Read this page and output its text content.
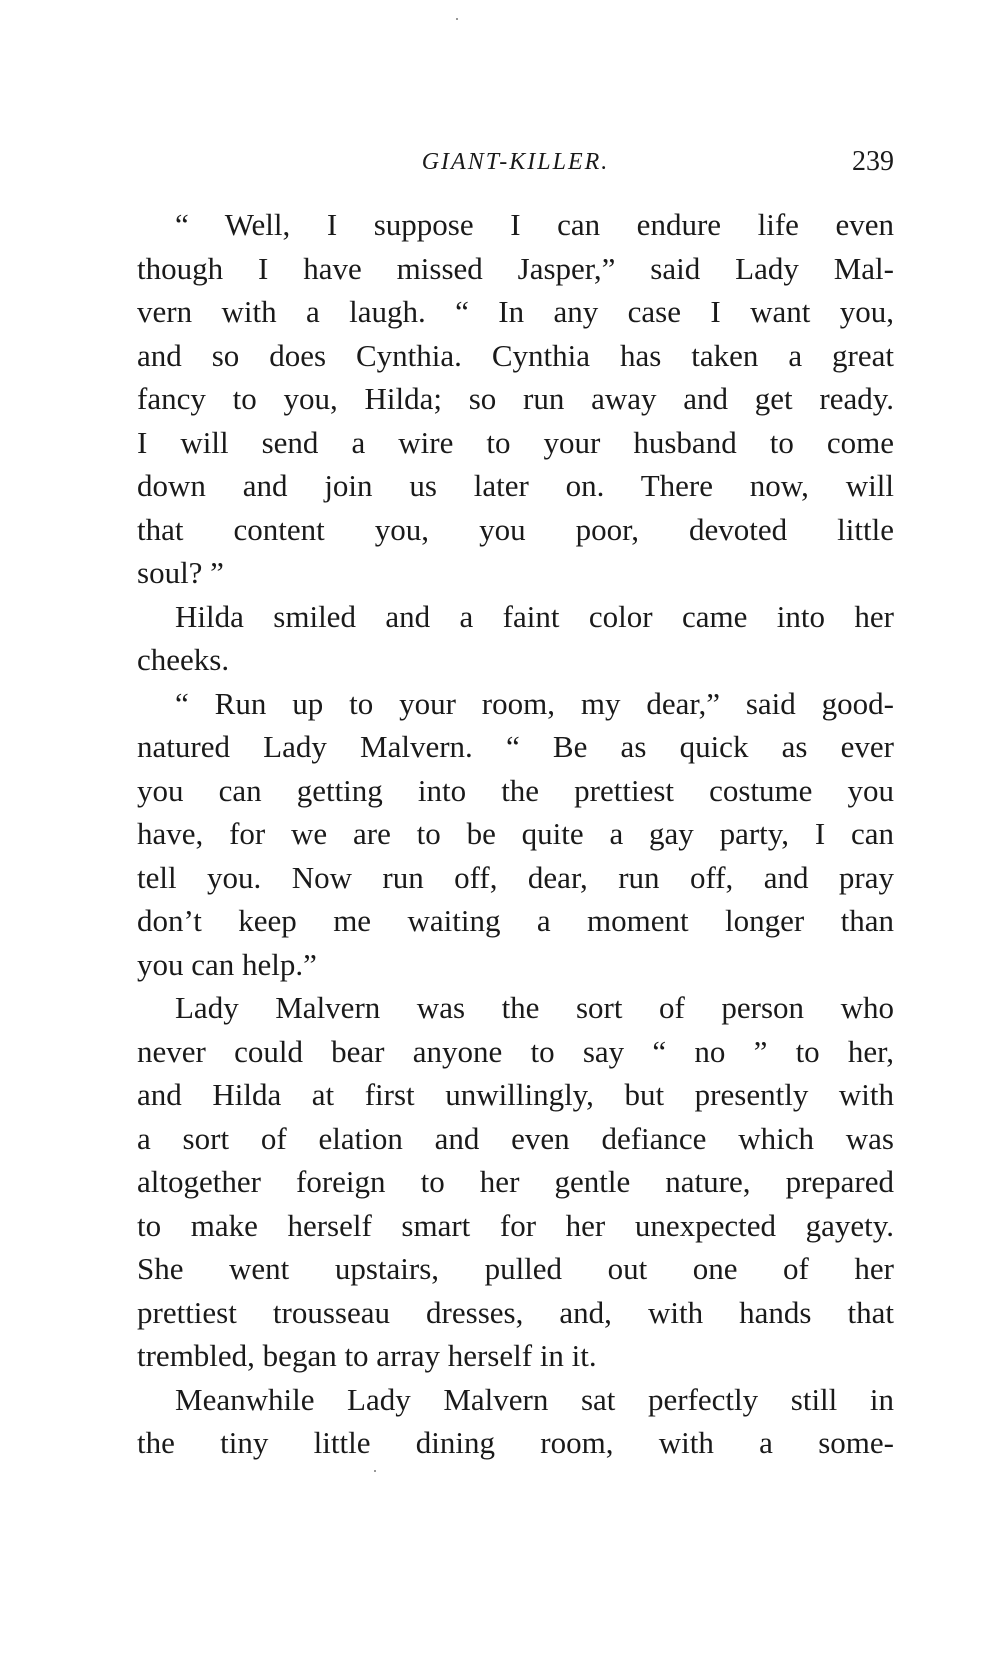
GIANT-KILLER.	239
“ Well, I suppose I can endure life even
though I have missed Jasper,” said Lady Mal-
vern with a laugh. “ In any case I want you,
and so does Cynthia. Cynthia has taken a great
fancy to you, Hilda; so run away and get ready.
I will send a wire to your husband to come
down and join us later on. There now, will
that content you, you poor, devoted little
soul? ”
Hilda smiled and a faint color came into her
cheeks.
“ Run up to your room, my dear,” said good-
natured Lady Malvern. “ Be as quick as ever
you can getting into the prettiest costume you
have, for we are to be quite a gay party, I can
tell you. Now run off, dear, run off, and pray
don’t keep me waiting a moment longer than
you can help.”
Lady Malvern was the sort of person who
never could bear anyone to say “ no ” to her,
and Hilda at first unwillingly, but presently with
a sort of elation and even defiance which was
altogether foreign to her gentle nature, prepared
to make herself smart for her unexpected gayety.
She went upstairs, pulled out one of her
prettiest trousseau dresses, and, with hands that
trembled, began to array herself in it.
Meanwhile Lady Malvern sat perfectly still in
the tiny little dining room, with a some-
